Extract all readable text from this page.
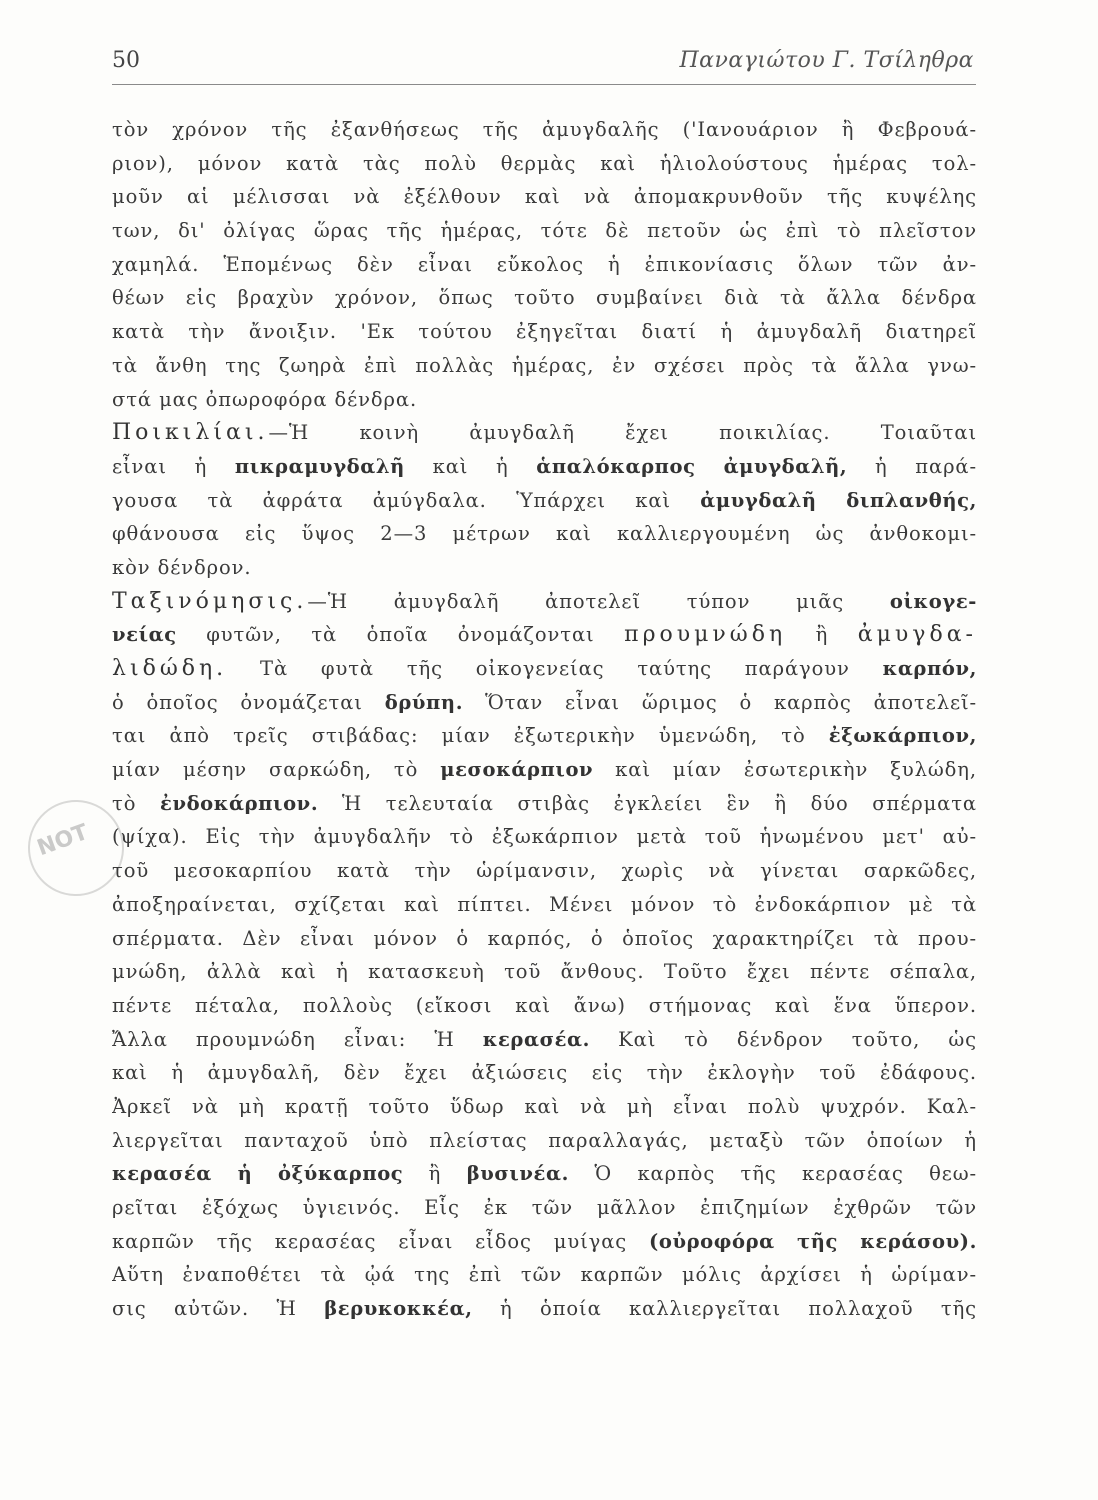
50	Παναγιώτου Γ. Τσίληθρα
ΝΟΤ
τὸν χρόνον τῆς ἐξανθήσεως τῆς ἀμυγδαλῆς ('Ιανουάριον ἢ Φεβρουά-
ριον), μόνον κατὰ τὰς πολὺ θερμὰς καὶ ἡλιολούστους ἡμέρας τολ-
μοῦν αἱ μέλισσαι νὰ ἐξέλθουν καὶ νὰ ἀπομακρυνθοῦν τῆς κυψέλης
των, δι' ὀλίγας ὥρας τῆς ἡμέρας, τότε δὲ πετοῦν ὡς ἐπὶ τὸ πλεῖστον
χαμηλά. Ἑπομένως δὲν εἶναι εὔκολος ἡ ἐπικονίασις ὅλων τῶν ἀν-
θέων εἰς βραχὺν χρόνον, ὅπως τοῦτο συμβαίνει διὰ τὰ ἄλλα δένδρα
κατὰ τὴν ἄνοιξιν. 'Εκ τούτου ἐξηγεῖται διατί ἡ ἀμυγδαλῆ διατηρεῖ
τὰ ἄνθη της ζωηρὰ ἐπὶ πολλὰς ἡμέρας, ἐν σχέσει πρὸς τὰ ἄλλα γνω-
στά μας ὀπωροφόρα δένδρα.
Ποικιλίαι.—Ἡ κοινὴ ἀμυγδαλῆ ἔχει ποικιλίας. Τοιαῦται
εἶναι ἡ πικραμυγδαλῆ καὶ ἡ ἁπαλόκαρπος ἀμυγδαλῆ, ἡ παρά-
γουσα τὰ ἀφράτα ἀμύγδαλα. Ὑπάρχει καὶ ἀμυγδαλῆ διπλανθής,
φθάνουσα εἰς ὕψος 2—3 μέτρων καὶ καλλιεργουμένη ὡς ἀνθοκομι-
κὸν δένδρον.
Ταξινόμησις.—Ἡ ἀμυγδαλῆ ἀποτελεῖ τύπον μιᾶς οἰκογε-
νείας φυτῶν, τὰ ὁποῖα ὀνομάζονται προυμνώδη ἢ ἀμυγδα-
λιδώδη. Τὰ φυτὰ τῆς οἰκογενείας ταύτης παράγουν καρπόν,
ὁ ὁποῖος ὀνομάζεται δρύπη. Ὅταν εἶναι ὥριμος ὁ καρπὸς ἀποτελεῖ-
ται ἀπὸ τρεῖς στιβάδας: μίαν ἐξωτερικὴν ὑμενώδη, τὸ ἐξωκάρπιον,
μίαν μέσην σαρκώδη, τὸ μεσοκάρπιον καὶ μίαν ἐσωτερικὴν ξυλώδη,
τὸ ἐνδοκάρπιον. Ἡ τελευταία στιβὰς ἐγκλείει ἓν ἢ δύο σπέρματα
(ψίχα). Εἰς τὴν ἀμυγδαλῆν τὸ ἐξωκάρπιον μετὰ τοῦ ἡνωμένου μετ' αὐ-
τοῦ μεσοκαρπίου κατὰ τὴν ὡρίμανσιν, χωρὶς νὰ γίνεται σαρκῶδες,
ἀποξηραίνεται, σχίζεται καὶ πίπτει. Μένει μόνον τὸ ἐνδοκάρπιον μὲ τὰ
σπέρματα. Δὲν εἶναι μόνον ὁ καρπός, ὁ ὁποῖος χαρακτηρίζει τὰ πρου-
μνώδη, ἀλλὰ καὶ ἡ κατασκευὴ τοῦ ἄνθους. Τοῦτο ἔχει πέντε σέπαλα,
πέντε πέταλα, πολλοὺς (εἴκοσι καὶ ἄνω) στήμονας καὶ ἕνα ὕπερον.
Ἄλλα προυμνώδη εἶναι: Ἡ κερασέα. Καὶ τὸ δένδρον τοῦτο, ὡς
καὶ ἡ ἀμυγδαλῆ, δὲν ἔχει ἀξιώσεις εἰς τὴν ἐκλογὴν τοῦ ἐδάφους.
Ἀρκεῖ νὰ μὴ κρατῇ τοῦτο ὕδωρ καὶ νὰ μὴ εἶναι πολὺ ψυχρόν. Καλ-
λιεργεῖται πανταχοῦ ὑπὸ πλείστας παραλλαγάς, μεταξὺ τῶν ὁποίων ἡ
κερασέα ἡ ὀξύκαρπος ἢ βυσινέα. Ὁ καρπὸς τῆς κερασέας θεω-
ρεῖται ἐξόχως ὑγιεινός. Εἷς ἐκ τῶν μᾶλλον ἐπιζημίων ἐχθρῶν τῶν
καρπῶν τῆς κερασέας εἶναι εἶδος μυίγας (οὐροφόρα τῆς κεράσου).
Αὕτη ἐναποθέτει τὰ ᾠά της ἐπὶ τῶν καρπῶν μόλις ἀρχίσει ἡ ὡρίμαν-
σις αὐτῶν. Ἡ βερυκοκκέα, ἡ ὁποία καλλιεργεῖται πολλαχοῦ τῆς
